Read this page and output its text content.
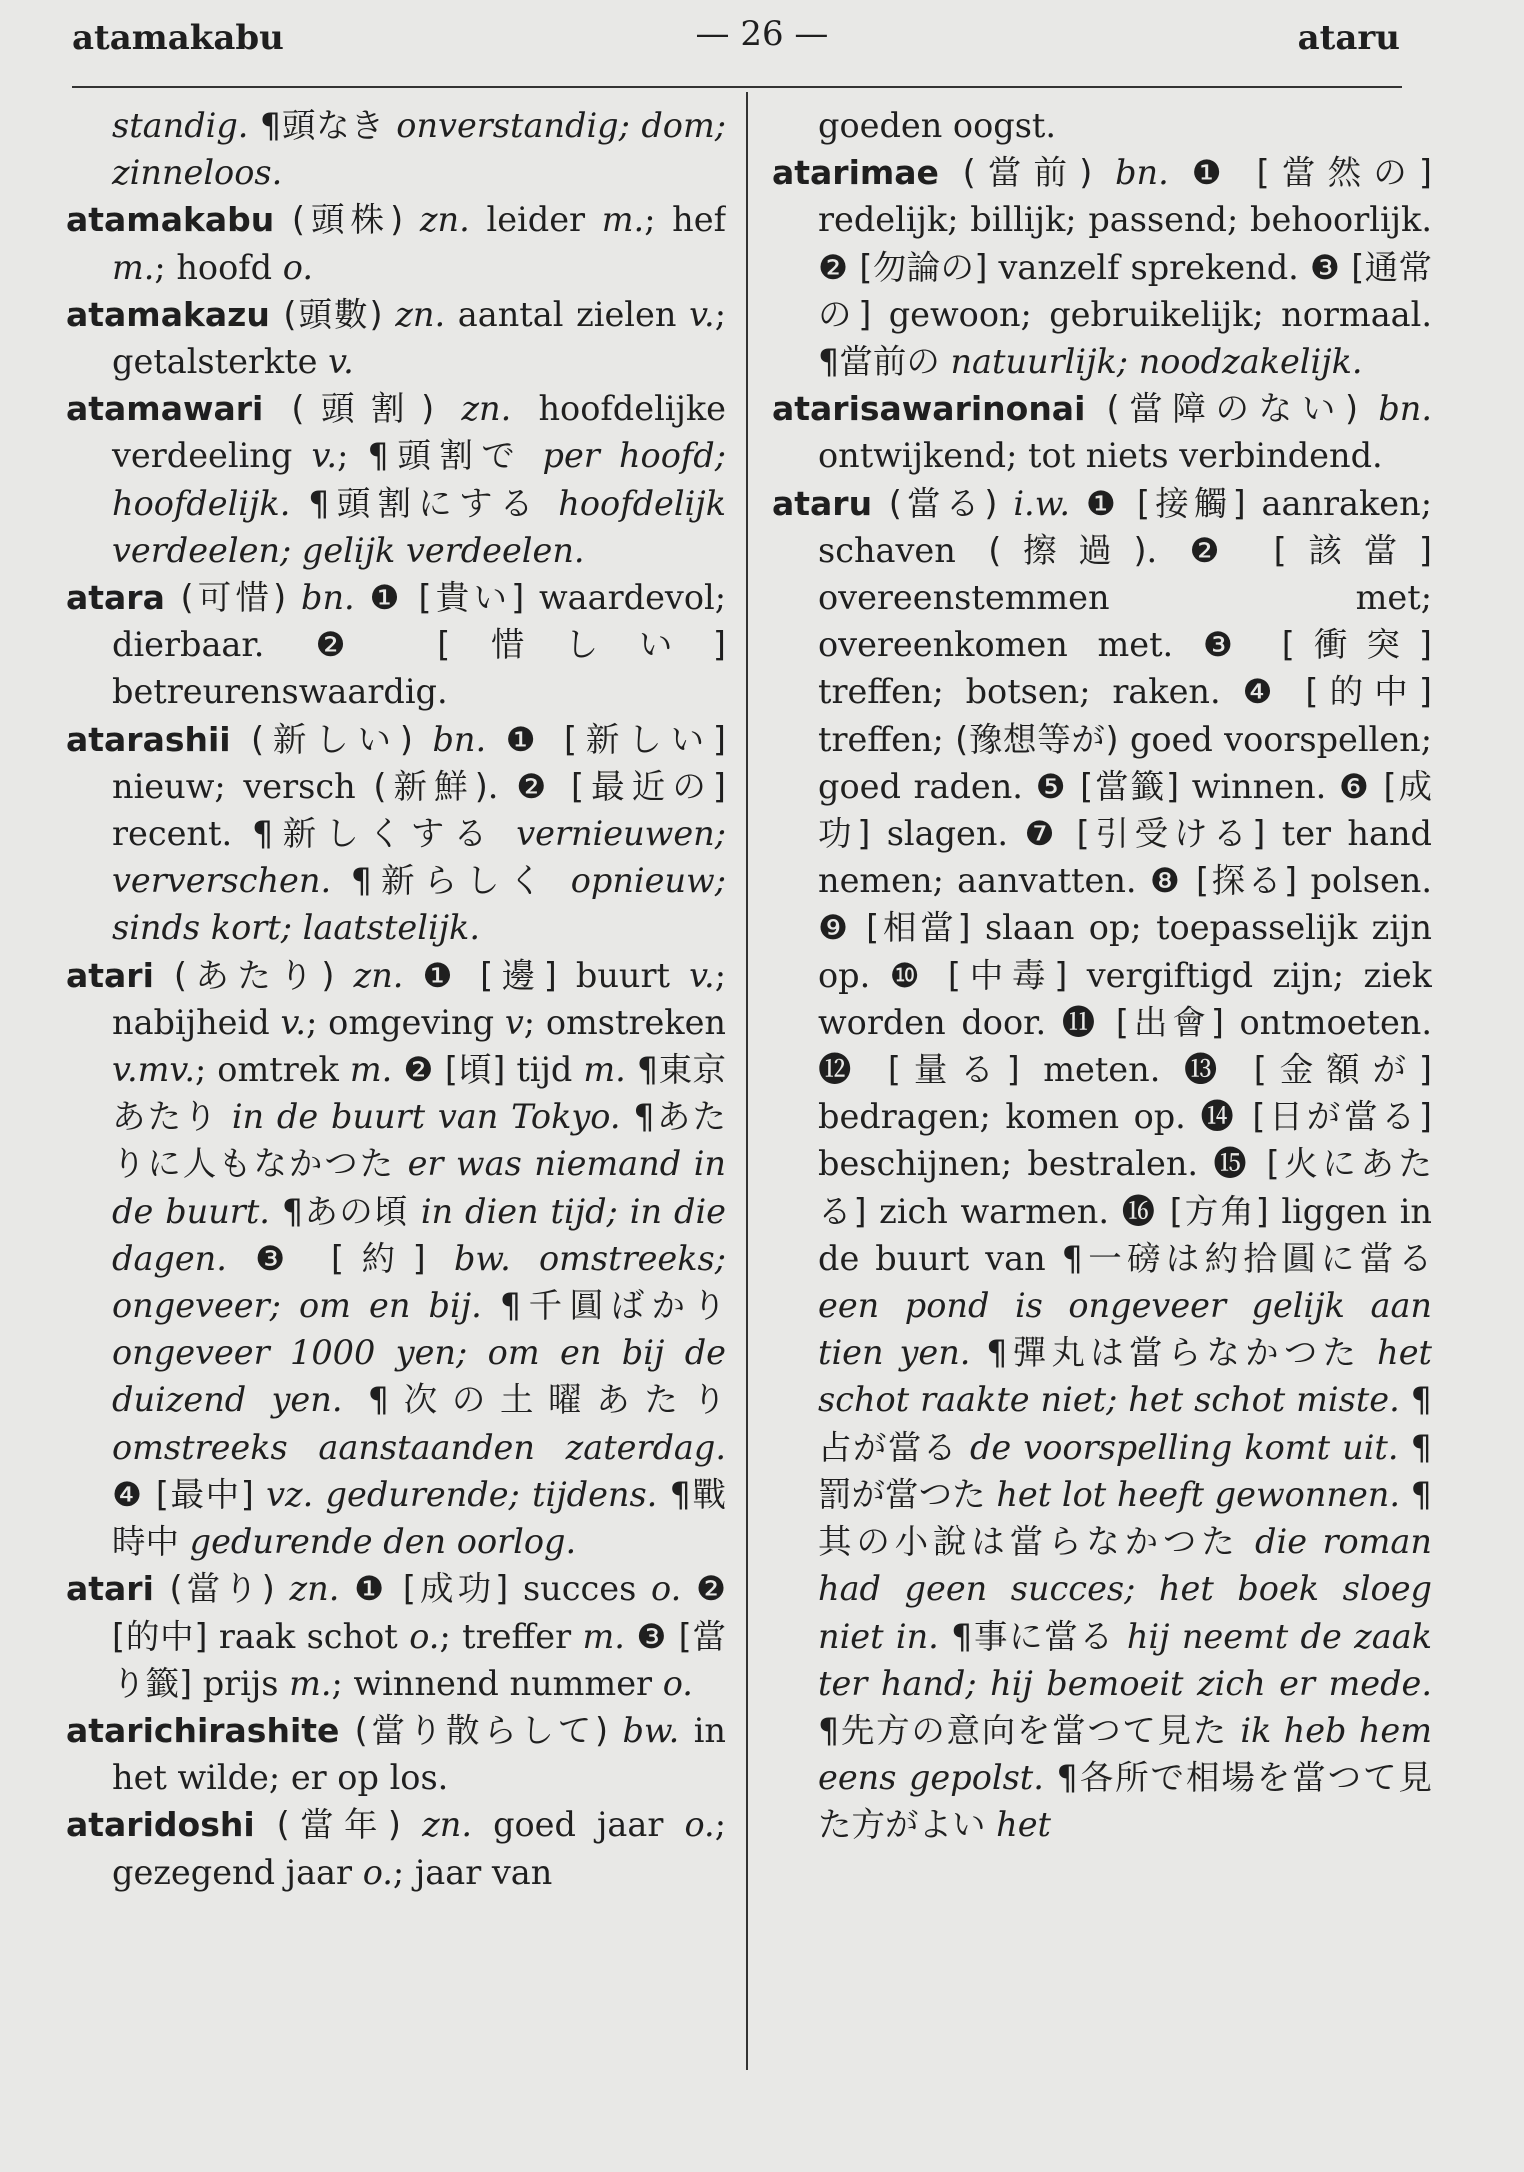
atamakabu	— 26 —	ataru

standig. ¶頭なき onverstandig; dom; zinneloos.

atamakabu (頭株) zn. leider m.; hef m.; hoofd o.

atamakazu (頭數) zn. aantal zielen v.; getalsterkte v.

atamawari (頭割) zn. hoofdelijke verdeeling v.; ¶頭割で per hoofd; hoofdelijk. ¶頭割にする hoofdelijk verdeelen; gelijk verdeelen.

atara (可惜) bn. ❶ [貴い] waardevol; dierbaar. ❷ [惜しい] betreurenswaardig.

atarashii (新しい) bn. ❶ [新しい] nieuw; versch (新鮮). ❷ [最近の] recent. ¶新しくする vernieuwen; ververschen. ¶新らしく opnieuw; sinds kort; laatstelijk.

atari (あたり) zn. ❶ [邊] buurt v.; nabijheid v.; omgeving v; omstreken v.mv.; omtrek m. ❷ [頃] tijd m. ¶東京あたり in de buurt van Tokyo. ¶あたりに人もなかつた er was niemand in de buurt. ¶あの頃 in dien tijd; in die dagen. ❸ [約] bw. omstreeks; ongeveer; om en bij. ¶千圓ばかり ongeveer 1000 yen; om en bij de duizend yen. ¶次の土曜あたり omstreeks aanstaanden zaterdag. ❹ [最中] vz. gedurende; tijdens. ¶戰時中 gedurende den oorlog.

atari (當り) zn. ❶ [成功] succes o. ❷ [的中] raak schot o.; treffer m. ❸ [當り籤] prijs m.; winnend nummer o.

atarichirashite (當り散らして) bw. in het wilde; er op los.

ataridoshi (當年) zn. goed jaar o.; gezegend jaar o.; jaar van

goeden oogst.

atarimae (當前) bn. ❶ [當然の] redelijk; billijk; passend; behoorlijk. ❷ [勿論の] vanzelf sprekend. ❸ [通常の] gewoon; gebruikelijk; normaal. ¶當前の natuurlijk; noodzakelijk.

atarisawarinonai (當障のない) bn. ontwijkend; tot niets verbindend.

ataru (當る) i.w. ❶ [接觸] aanraken; schaven (擦過). ❷ [該當] overeenstemmen met; overeenkomen met. ❸ [衝突] treffen; botsen; raken. ❹ [的中] treffen; (豫想等が) goed voorspellen; goed raden. ❺ [當籤] winnen. ❻ [成功] slagen. ❼ [引受ける] ter hand nemen; aanvatten. ❽ [探る] polsen. ❾ [相當] slaan op; toepasselijk zijn op. ❿ [中毒] vergiftigd zijn; ziek worden door. ⓫ [出會] ontmoeten. ⓬ [量る] meten. ⓭ [金額が] bedragen; komen op. ⓮ [日が當る] beschijnen; bestralen. ⓯ [火にあたる] zich warmen. ⓰ [方角] liggen in de buurt van ¶一磅は約拾圓に當る een pond is ongeveer gelijk aan tien yen. ¶彈丸は當らなかつた het schot raakte niet; het schot miste. ¶占が當る de voorspelling komt uit. ¶罰が當つた het lot heeft gewonnen. ¶其の小說は當らなかつた die roman had geen succes; het boek sloeg niet in. ¶事に當る hij neemt de zaak ter hand; hij bemoeit zich er mede. ¶先方の意向を當つて見た ik heb hem eens gepolst. ¶各所で相場を當つて見た方がよい het
